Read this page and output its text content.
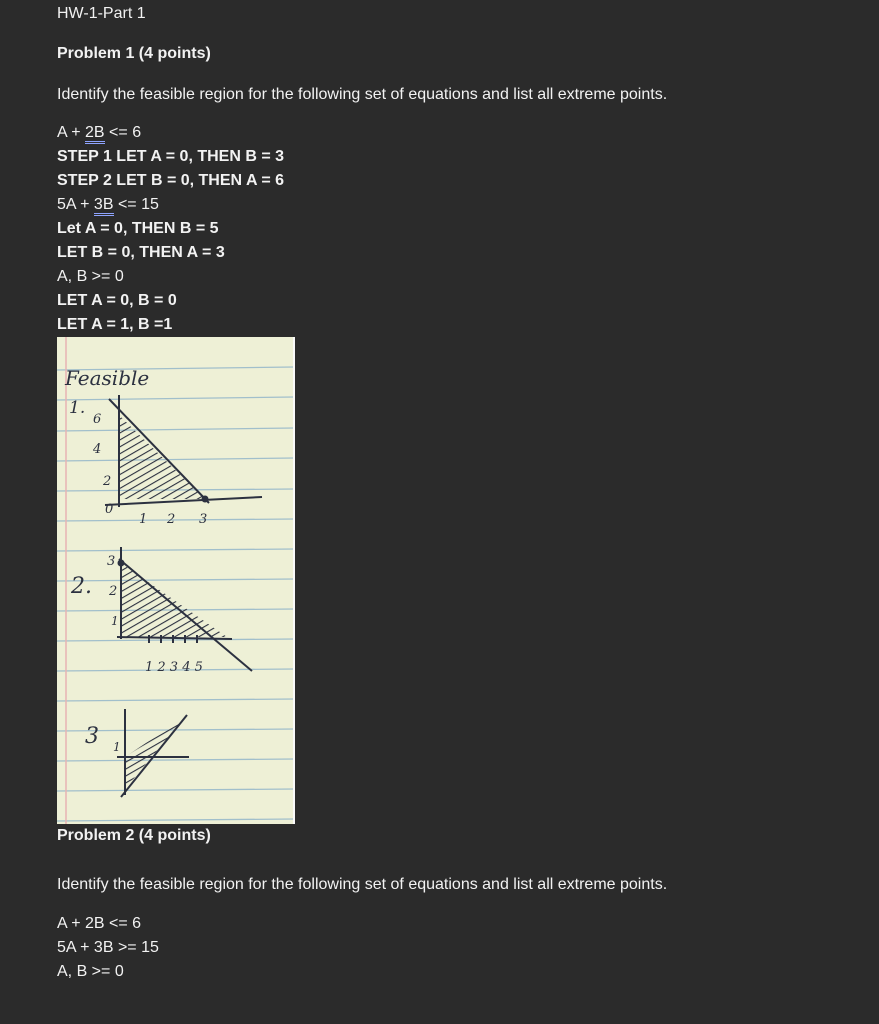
HW-1-Part 1
Problem 1 (4 points)
Identify the feasible region for the following set of equations and list all extreme points.
A + 2B <= 6
STEP 1 LET A = 0, THEN B = 3
STEP 2 LET B = 0, THEN A = 6
5A + 3B <= 15
Let A = 0, THEN B = 5
LET B = 0, THEN A = 3
A, B >= 0
LET A = 0, B = 0
LET A = 1, B =1
Feasible
1.
6
4
2
0
1 2 3
2.
3
2
1
1 2 3 4 5
3 1
Problem 2 (4 points)
Identify the feasible region for the following set of equations and list all extreme points.
A + 2B <= 6
5A + 3B >= 15
A, B >= 0
